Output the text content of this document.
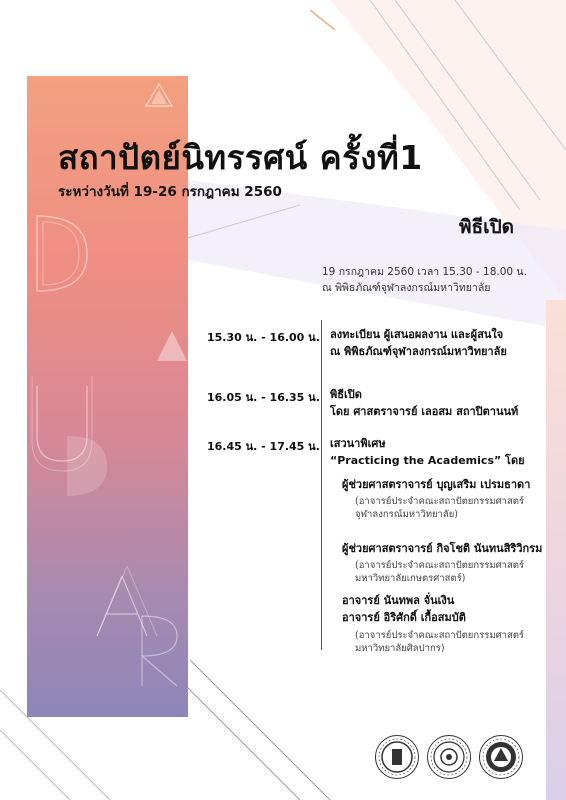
สถาปัตย์นิทรรศน์ ครั้งที่1
ระหว่างวันที่ 19-26 กรกฎาคม 2560
พิธีเปิด
19 กรกฎาคม 2560 เวลา 15.30 - 18.00 น.
ณ พิพิธภัณฑ์จุฬาลงกรณ์มหาวิทยาลัย
15.30 น. - 16.00 น. ลงทะเบียน ผู้เสนอผลงาน และผู้สนใจ
ณ พิพิธภัณฑ์จุฬาลงกรณ์มหาวิทยาลัย
16.05 น. - 16.35 น. พิธีเปิด
โดย ศาสตราจารย์ เลอสม สถาปิตานนท์
16.45 น. - 17.45 น. เสวนาพิเศษ
“Practicing the Academics” โดย
ผู้ช่วยศาสตราจารย์ บุญเสริม เปรมธาดา
(อาจารย์ประจำคณะสถาปัตยกรรมศาสตร์
จุฬาลงกรณ์มหาวิทยาลัย)
ผู้ช่วยศาสตราจารย์ กิจโชติ นันทนสิริวิกรม
(อาจารย์ประจำคณะสถาปัตยกรรมศาสตร์
มหาวิทยาลัยเกษตรศาสตร์)
อาจารย์ นันทพล จั่นเงิน
อาจารย์ อิริศักดิ์ เกื้อสมบัติ
(อาจารย์ประจำคณะสถาปัตยกรรมศาสตร์
มหาวิทยาลัยศิลปากร)
